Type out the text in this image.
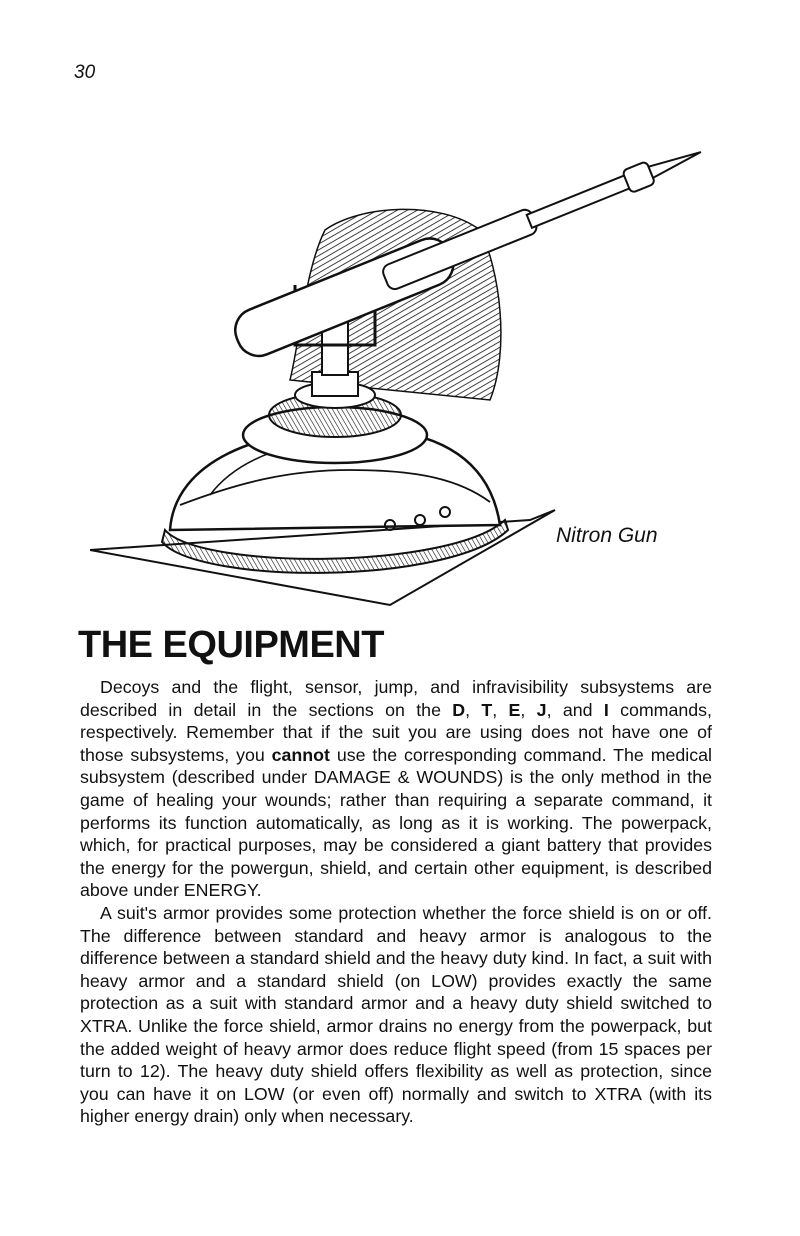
30
Nitron Gun
THE EQUIPMENT

Decoys and the flight, sensor, jump, and infravisibility subsystems are described in detail in the sections on the D, T, E, J, and I commands, respectively. Remember that if the suit you are using does not have one of those subsystems, you cannot use the corresponding command. The medical subsystem (described under DAMAGE & WOUNDS) is the only method in the game of healing your wounds; rather than requiring a separate command, it performs its function automatically, as long as it is working. The powerpack, which, for practical purposes, may be considered a giant battery that provides the energy for the powergun, shield, and certain other equipment, is described above under ENERGY.

A suit's armor provides some protection whether the force shield is on or off. The difference between standard and heavy armor is analogous to the difference between a standard shield and the heavy duty kind. In fact, a suit with heavy armor and a standard shield (on LOW) provides exactly the same protection as a suit with standard armor and a heavy duty shield switched to XTRA. Unlike the force shield, armor drains no energy from the powerpack, but the added weight of heavy armor does reduce flight speed (from 15 spaces per turn to 12). The heavy duty shield offers flexibility as well as protection, since you can have it on LOW (or even off) normally and switch to XTRA (with its higher energy drain) only when necessary.
